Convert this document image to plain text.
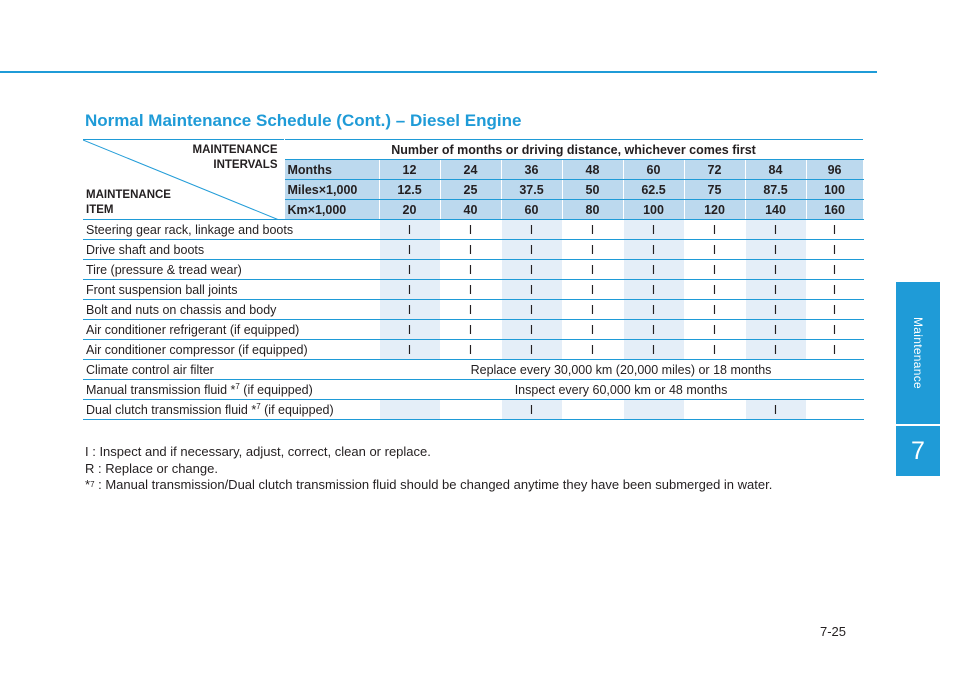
Normal Maintenance Schedule (Cont.) – Diesel Engine
Maintenance
7
MAINTENANCE
INTERVALS
MAINTENANCE
ITEM	Number of months or driving distance, whichever comes first								
	Months	12	24	36	48	60	72	84	96
	Miles×1,000	12.5	25	37.5	50	62.5	75	87.5	100
	Km×1,000	20	40	60	80	100	120	140	160
Steering gear rack, linkage and boots		I	I	I	I	I	I	I	I
Drive shaft and boots		I	I	I	I	I	I	I	I
Tire (pressure & tread wear)		I	I	I	I	I	I	I	I
Front suspension ball joints		I	I	I	I	I	I	I	I
Bolt and nuts on chassis and body		I	I	I	I	I	I	I	I
Air conditioner refrigerant (if equipped)		I	I	I	I	I	I	I	I
Air conditioner compressor (if equipped)		I	I	I	I	I	I	I	I
Climate control air filter		Replace every 30,000 km (20,000 miles) or 18 months							
Manual transmission fluid *$^7$ (if equipped)		Inspect every 60,000 km or 48 months							
Dual clutch transmission fluid *$^7$ (if equipped)				I				I	

I : Inspect and if necessary, adjust, correct, clean or replace.

R : Replace or change.

*$^7$ : Manual transmission/Dual clutch transmission fluid should be changed anytime they have been submerged in water.

7-25
